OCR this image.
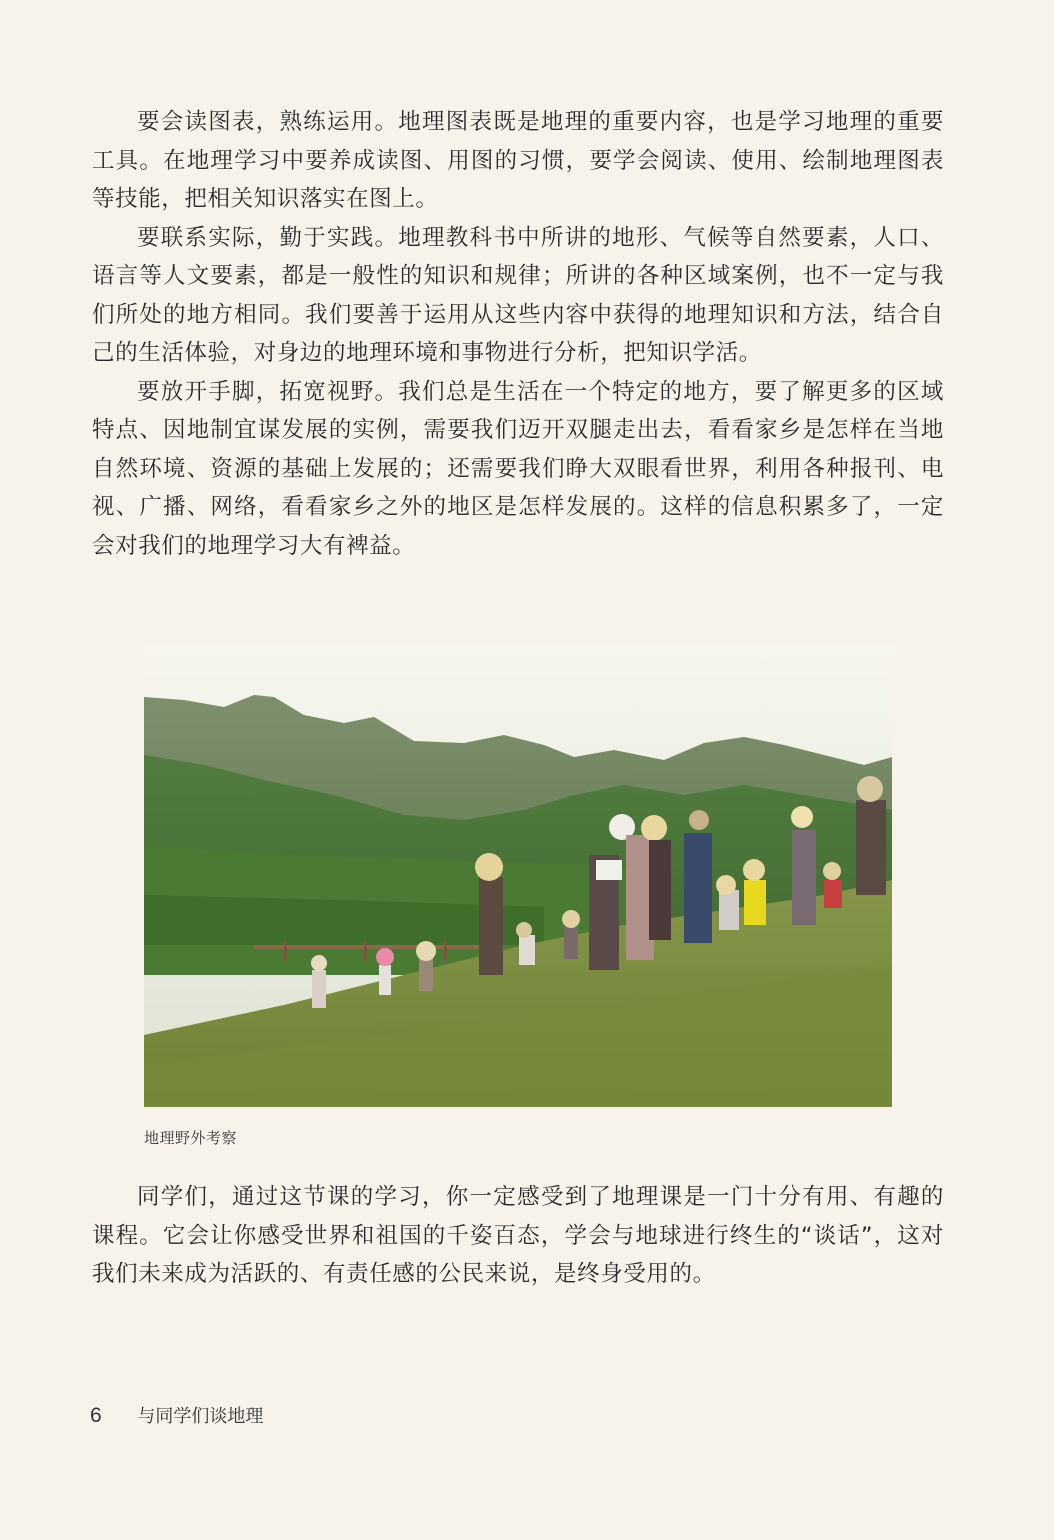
要会读图表，熟练运用。地理图表既是地理的重要内容，也是学习地理的重要工具。在地理学习中要养成读图、用图的习惯，要学会阅读、使用、绘制地理图表等技能，把相关知识落实在图上。

要联系实际，勤于实践。地理教科书中所讲的地形、气候等自然要素，人口、语言等人文要素，都是一般性的知识和规律；所讲的各种区域案例，也不一定与我们所处的地方相同。我们要善于运用从这些内容中获得的地理知识和方法，结合自己的生活体验，对身边的地理环境和事物进行分析，把知识学活。

要放开手脚，拓宽视野。我们总是生活在一个特定的地方，要了解更多的区域特点、因地制宜谋发展的实例，需要我们迈开双腿走出去，看看家乡是怎样在当地自然环境、资源的基础上发展的；还需要我们睁大双眼看世界，利用各种报刊、电视、广播、网络，看看家乡之外的地区是怎样发展的。这样的信息积累多了，一定会对我们的地理学习大有裨益。

地理野外考察

同学们，通过这节课的学习，你一定感受到了地理课是一门十分有用、有趣的课程。它会让你感受世界和祖国的千姿百态，学会与地球进行终生的“谈话”，这对我们未来成为活跃的、有责任感的公民来说，是终身受用的。

6 与同学们谈地理
